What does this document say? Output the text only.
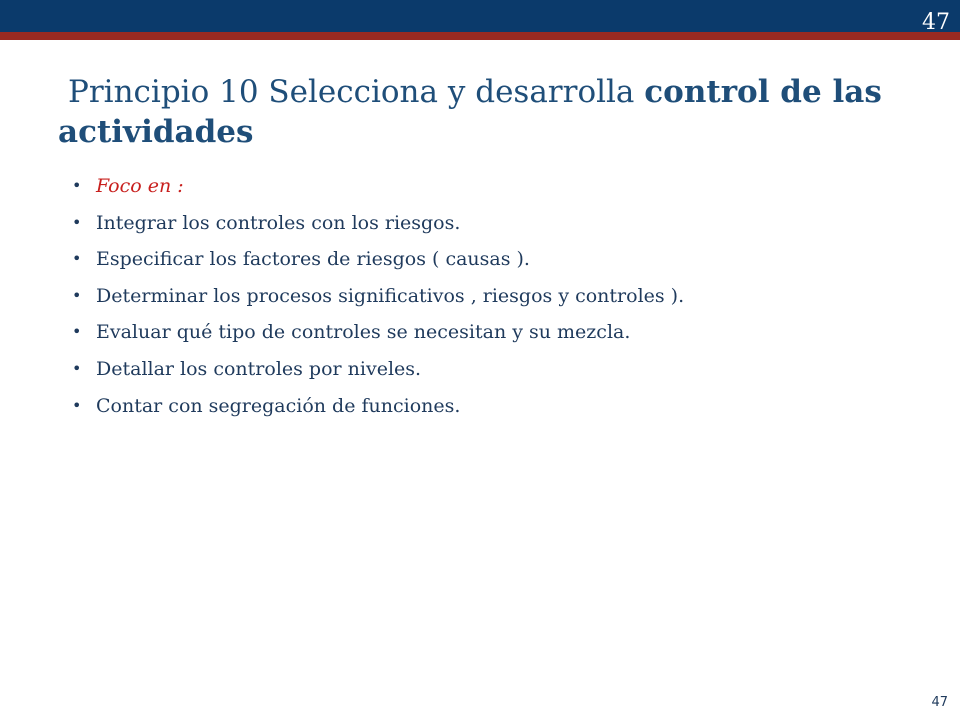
47
Principio 10 Selecciona y desarrolla control de las actividades
• Foco en :
• Integrar los controles con los riesgos.
• Especificar los factores de riesgos ( causas ).
• Determinar los procesos significativos , riesgos y controles ).
• Evaluar qué tipo de controles se necesitan y su mezcla.
• Detallar los controles por niveles.
• Contar con segregación de funciones.
47
